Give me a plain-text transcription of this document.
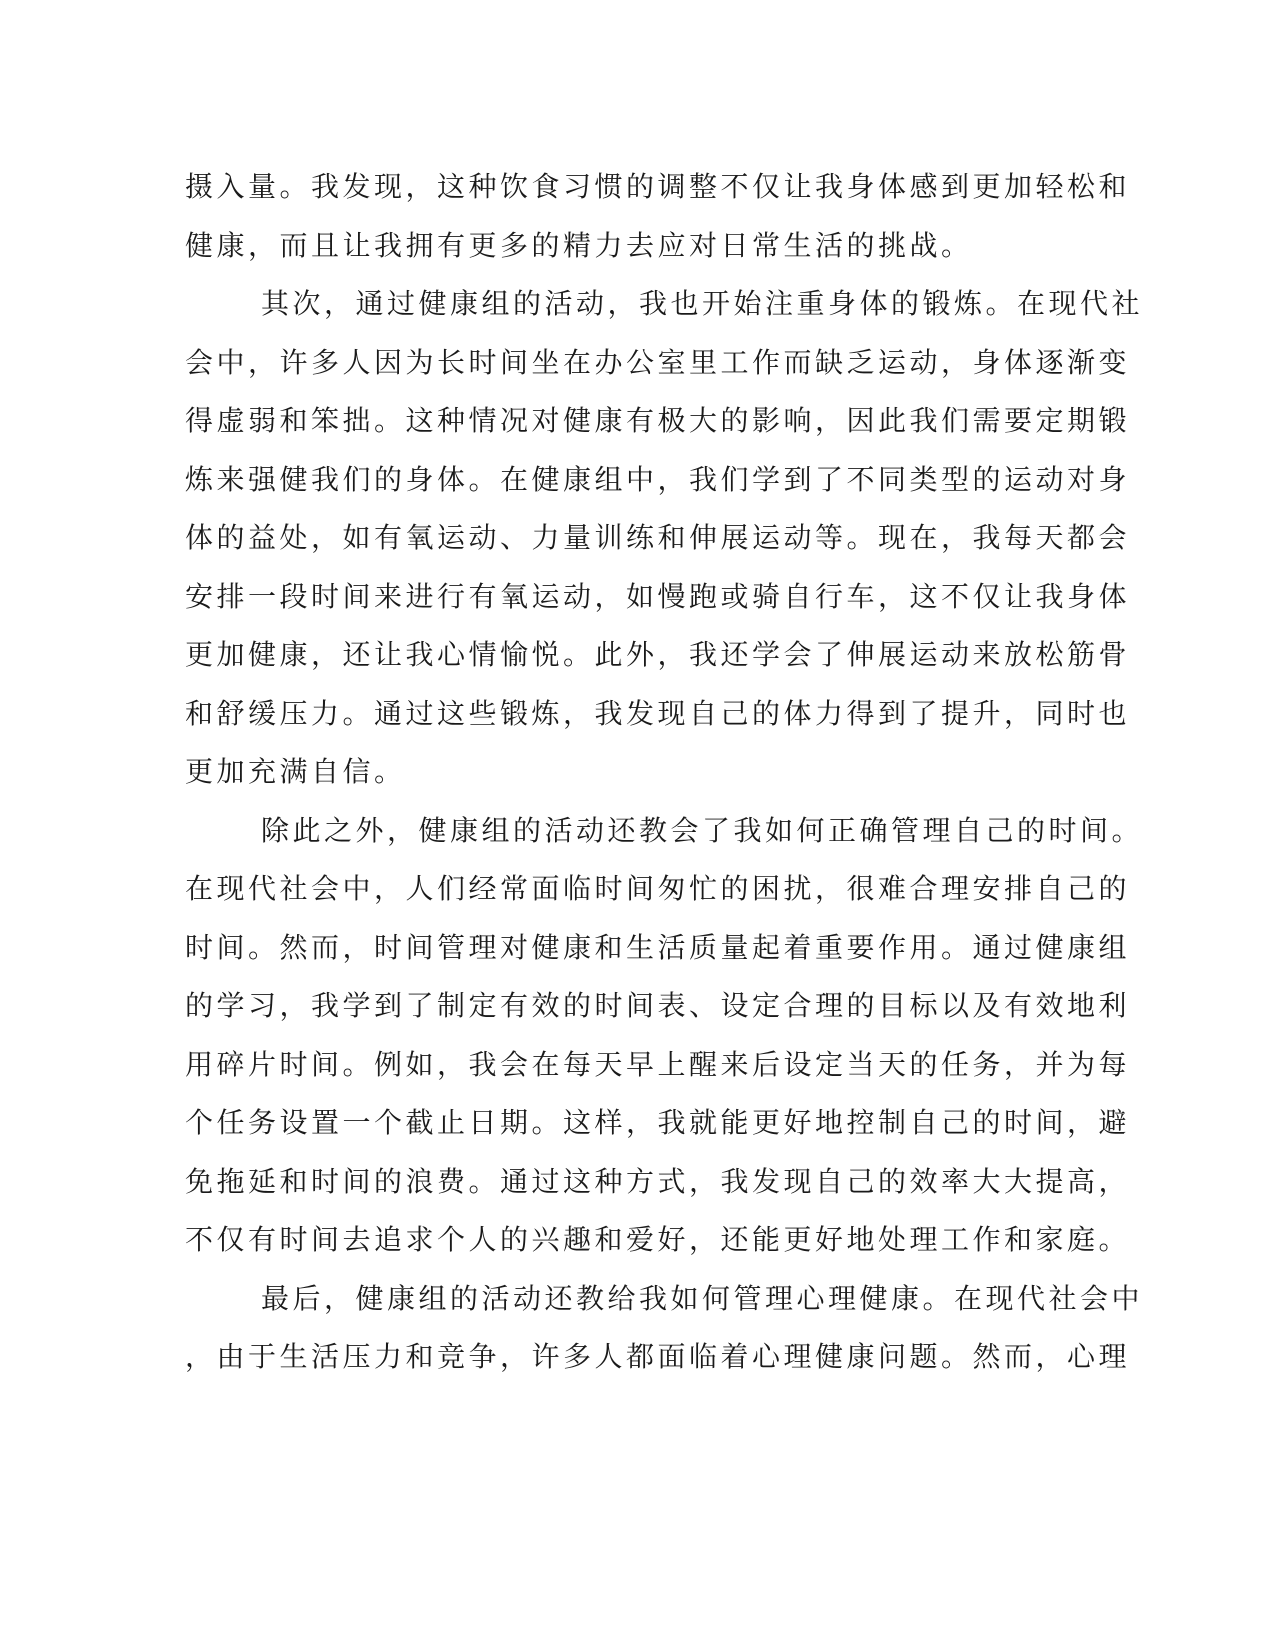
摄入量。我发现，这种饮食习惯的调整不仅让我身体感到更加轻松和
健康，而且让我拥有更多的精力去应对日常生活的挑战。
其次，通过健康组的活动，我也开始注重身体的锻炼。在现代社
会中，许多人因为长时间坐在办公室里工作而缺乏运动，身体逐渐变
得虚弱和笨拙。这种情况对健康有极大的影响，因此我们需要定期锻
炼来强健我们的身体。在健康组中，我们学到了不同类型的运动对身
体的益处，如有氧运动、力量训练和伸展运动等。现在，我每天都会
安排一段时间来进行有氧运动，如慢跑或骑自行车，这不仅让我身体
更加健康，还让我心情愉悦。此外，我还学会了伸展运动来放松筋骨
和舒缓压力。通过这些锻炼，我发现自己的体力得到了提升，同时也
更加充满自信。
除此之外，健康组的活动还教会了我如何正确管理自己的时间。
在现代社会中，人们经常面临时间匆忙的困扰，很难合理安排自己的
时间。然而，时间管理对健康和生活质量起着重要作用。通过健康组
的学习，我学到了制定有效的时间表、设定合理的目标以及有效地利
用碎片时间。例如，我会在每天早上醒来后设定当天的任务，并为每
个任务设置一个截止日期。这样，我就能更好地控制自己的时间，避
免拖延和时间的浪费。通过这种方式，我发现自己的效率大大提高，
不仅有时间去追求个人的兴趣和爱好，还能更好地处理工作和家庭。
最后，健康组的活动还教给我如何管理心理健康。在现代社会中
，由于生活压力和竞争，许多人都面临着心理健康问题。然而，心理
